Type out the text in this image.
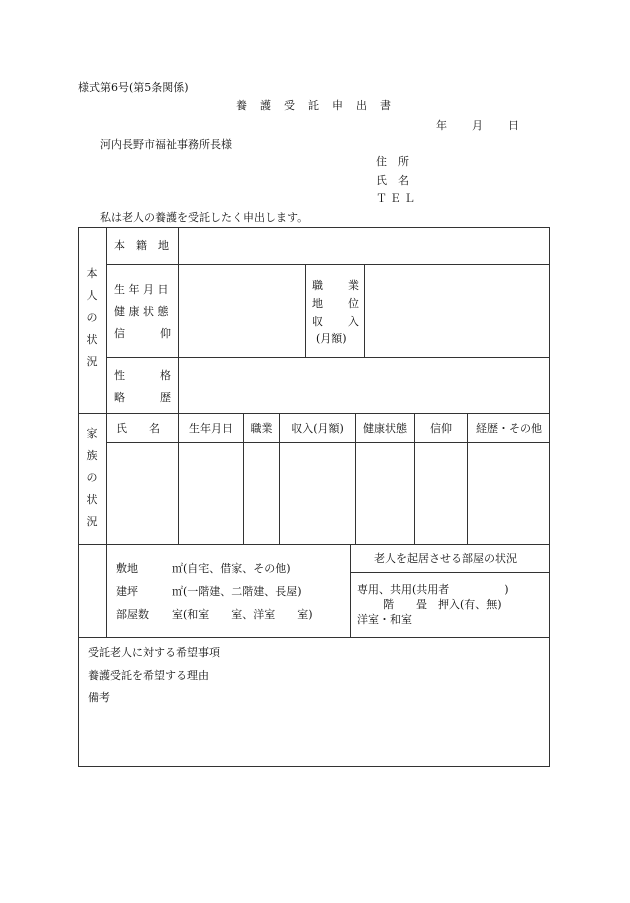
様式第6号(第5条関係)
養　護　受　託　申　出　書
年 月 日
河内長野市福祉事務所長様
住　所
氏　名
ＴＥＬ
私は老人の養護を受託したく申出します。
本
人
の
状
況
本　籍　地
生 年 月 日
健 康 状 態
信	仰
職 業
地 位
収 入
(月額)
性	格
略	歴
家
族
の
状
況
氏　　名	生年月日	職業	収入(月額)	健康状態	信仰	経歴・その他
敷地	㎡(自宅、借家、その他)
建坪	㎡(一階建、二階建、長屋)
部屋数 室(和室　　室、洋室　　室)
老人を起居させる部屋の状況
専用、共用(共用者　　　　　)
階　　畳　押入(有、無)
洋室・和室
受託老人に対する希望事項
養護受託を希望する理由
備考
